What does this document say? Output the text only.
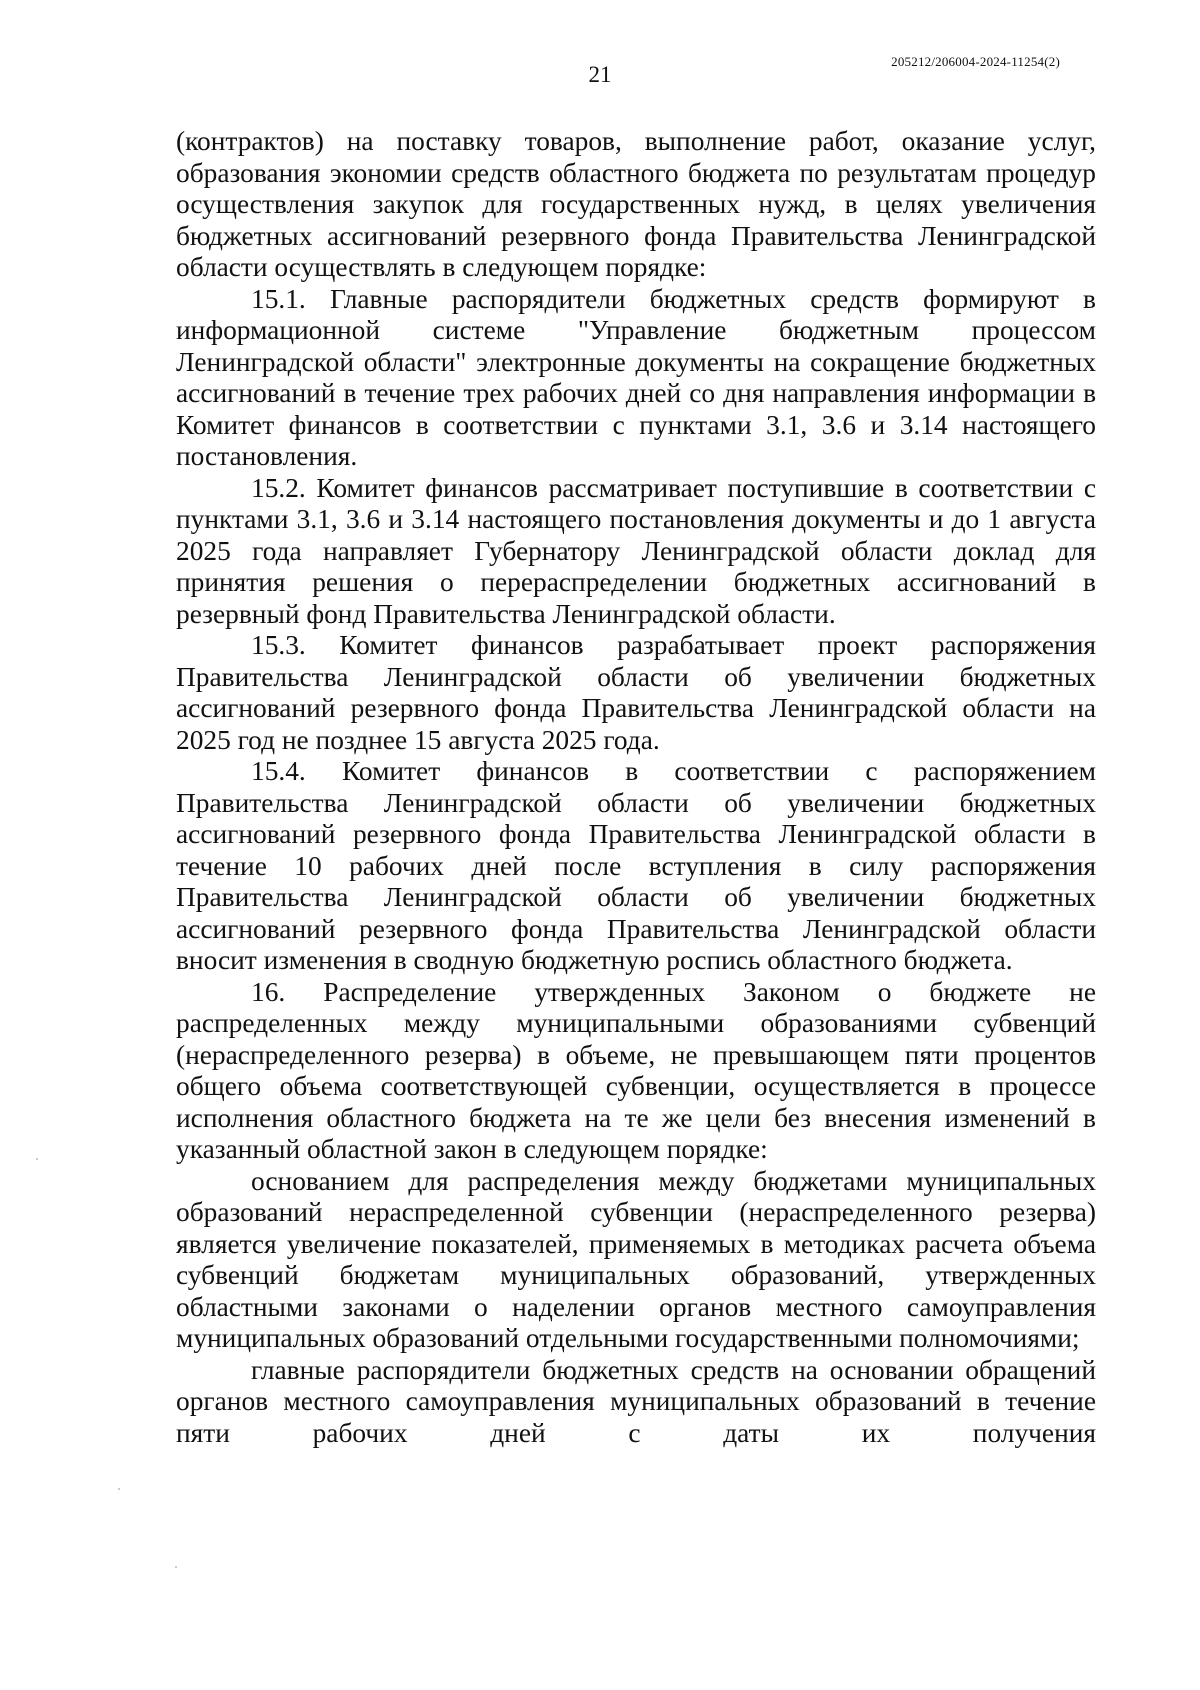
205212/206004-2024-11254(2)
21

(контрактов) на поставку товаров, выполнение работ, оказание услуг, образования экономии средств областного бюджета по результатам процедур осуществления закупок для государственных нужд, в целях увеличения бюджетных ассигнований резервного фонда Правительства Ленинградской области осуществлять в следующем порядке:

15.1. Главные распорядители бюджетных средств формируют в информационной системе "Управление бюджетным процессом Ленинградской области" электронные документы на сокращение бюджетных ассигнований в течение трех рабочих дней со дня направления информации в Комитет финансов в соответствии с пунктами 3.1, 3.6 и 3.14 настоящего постановления.

15.2. Комитет финансов рассматривает поступившие в соответствии с пунктами 3.1, 3.6 и 3.14 настоящего постановления документы и до 1 августа 2025 года направляет Губернатору Ленинградской области доклад для принятия решения о перераспределении бюджетных ассигнований в резервный фонд Правительства Ленинградской области.

15.3. Комитет финансов разрабатывает проект распоряжения Правительства Ленинградской области об увеличении бюджетных ассигнований резервного фонда Правительства Ленинградской области на 2025 год не позднее 15 августа 2025 года.

15.4. Комитет финансов в соответствии с распоряжением Правительства Ленинградской области об увеличении бюджетных ассигнований резервного фонда Правительства Ленинградской области в течение 10 рабочих дней после вступления в силу распоряжения Правительства Ленинградской области об увеличении бюджетных ассигнований резервного фонда Правительства Ленинградской области вносит изменения в сводную бюджетную роспись областного бюджета.

16. Распределение утвержденных Законом о бюджете не распределенных между муниципальными образованиями субвенций (нераспределенного резерва) в объеме, не превышающем пяти процентов общего объема соответствующей субвенции, осуществляется в процессе исполнения областного бюджета на те же цели без внесения изменений в указанный областной закон в следующем порядке:

основанием для распределения между бюджетами муниципальных образований нераспределенной субвенции (нераспределенного резерва) является увеличение показателей, применяемых в методиках расчета объема субвенций бюджетам муниципальных образований, утвержденных областными законами о наделении органов местного самоуправления муниципальных образований отдельными государственными полномочиями;

главные распорядители бюджетных средств на основании обращений органов местного самоуправления муниципальных образований в течение пяти рабочих дней с даты их получения
